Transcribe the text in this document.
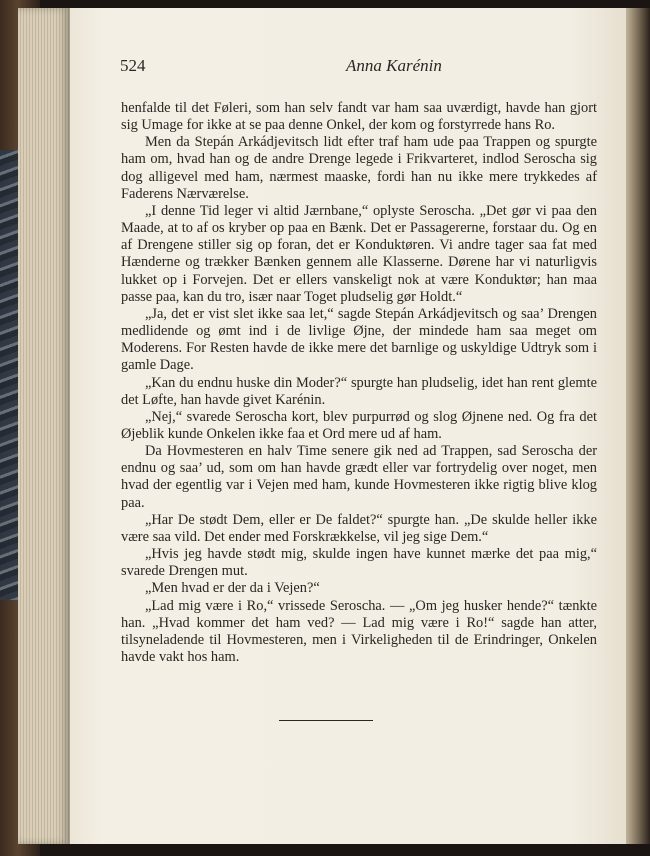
524	Anna Karénin

henfalde til det Føleri, som han selv fandt var ham saa uværdigt, havde han gjort sig Umage for ikke at se paa denne Onkel, der kom og forstyrrede hans Ro.

Men da Stepán Arkádjevitsch lidt efter traf ham ude paa Trappen og spurgte ham om, hvad han og de andre Drenge legede i Frikvarteret, indlod Seroscha sig dog alligevel med ham, nærmest maaske, fordi han nu ikke mere trykkedes af Faderens Nærværelse.

„I denne Tid leger vi altid Jærnbane,“ oplyste Seroscha. „Det gør vi paa den Maade, at to af os kryber op paa en Bænk. Det er Passagererne, forstaar du. Og en af Drengene stiller sig op foran, det er Konduktøren. Vi andre tager saa fat med Hænderne og trækker Bænken gennem alle Klasserne. Dørene har vi naturligvis lukket op i Forvejen. Det er ellers vanskeligt nok at være Konduktør; han maa passe paa, kan du tro, især naar Toget pludselig gør Holdt.“

„Ja, det er vist slet ikke saa let,“ sagde Stepán Arkádjevitsch og saa’ Drengen medlidende og ømt ind i de livlige Øjne, der mindede ham saa meget om Moderens. For Resten havde de ikke mere det barnlige og uskyldige Udtryk som i gamle Dage.

„Kan du endnu huske din Moder?“ spurgte han pludselig, idet han rent glemte det Løfte, han havde givet Karénin.

„Nej,“ svarede Seroscha kort, blev purpurrød og slog Øjnene ned. Og fra det Øjeblik kunde Onkelen ikke faa et Ord mere ud af ham.

Da Hovmesteren en halv Time senere gik ned ad Trappen, sad Seroscha der endnu og saa’ ud, som om han havde grædt eller var fortrydelig over noget, men hvad der egentlig var i Vejen med ham, kunde Hovmesteren ikke rigtig blive klog paa.

„Har De stødt Dem, eller er De faldet?“ spurgte han. „De skulde heller ikke være saa vild. Det ender med Forskrækkelse, vil jeg sige Dem.“

„Hvis jeg havde stødt mig, skulde ingen have kunnet mærke det paa mig,“ svarede Drengen mut.

„Men hvad er der da i Vejen?“

„Lad mig være i Ro,“ vrissede Seroscha. — „Om jeg husker hende?“ tænkte han. „Hvad kommer det ham ved? — Lad mig være i Ro!“ sagde han atter, tilsyneladende til Hovmesteren, men i Virkeligheden til de Erindringer, Onkelen havde vakt hos ham.
